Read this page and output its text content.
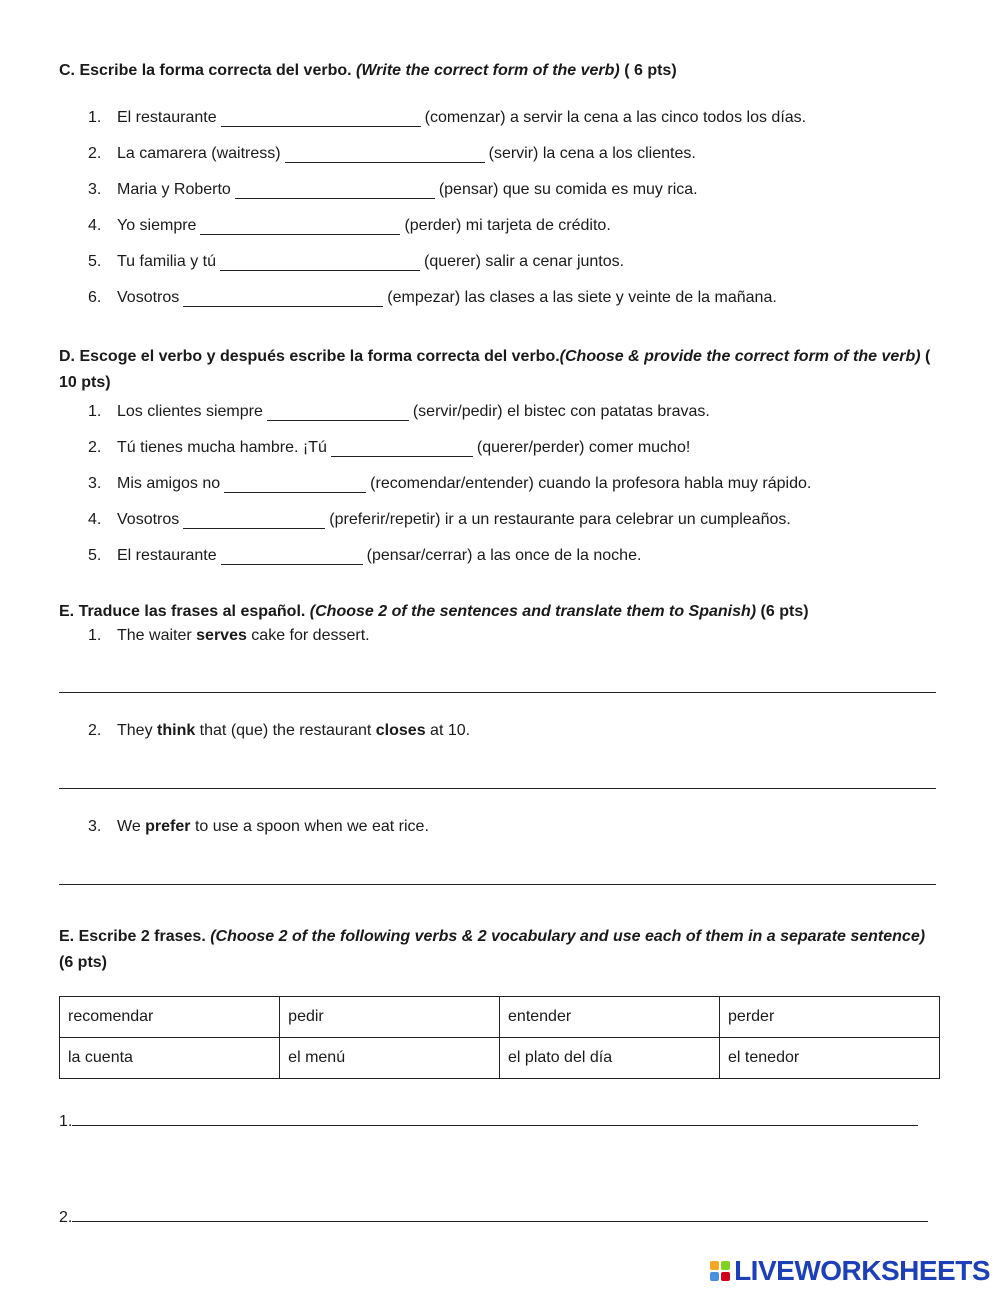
C. Escribe la forma correcta del verbo. (Write the correct form of the verb) ( 6 pts)
1. El restaurante	(comenzar) a servir la cena a las cinco todos los días.
2. La camarera (waitress)	(servir) la cena a los clientes.
3. Maria y Roberto	(pensar) que su comida es muy rica.
4. Yo siempre	(perder) mi tarjeta de crédito.
5. Tu familia y tú	(querer) salir a cenar juntos.
6. Vosotros	(empezar) las clases a las siete y veinte de la mañana.
D. Escoge el verbo y después escribe la forma correcta del verbo.(Choose & provide the correct form of the verb) ( 10 pts)
1. Los clientes siempre	(servir/pedir) el bistec con patatas bravas.
2. Tú tienes mucha hambre. ¡Tú	(querer/perder) comer mucho!
3. Mis amigos no	(recomendar/entender) cuando la profesora habla muy rápido.
4. Vosotros	(preferir/repetir) ir a un restaurante para celebrar un cumpleaños.
5. El restaurante	(pensar/cerrar) a las once de la noche.
E. Traduce las frases al español. (Choose 2 of the sentences and translate them to Spanish) (6 pts)
1. The waiter serves cake for dessert.
2. They think that (que) the restaurant closes at 10.
3. We prefer to use a spoon when we eat rice.
E. Escribe 2 frases. (Choose 2 of the following verbs & 2 vocabulary and use each of them in a separate sentence) (6 pts)
recomendar	pedir	entender	perder
la cuenta	el menú	el plato del día	el tenedor
1.
2.
LIVEWORKSHEETS
